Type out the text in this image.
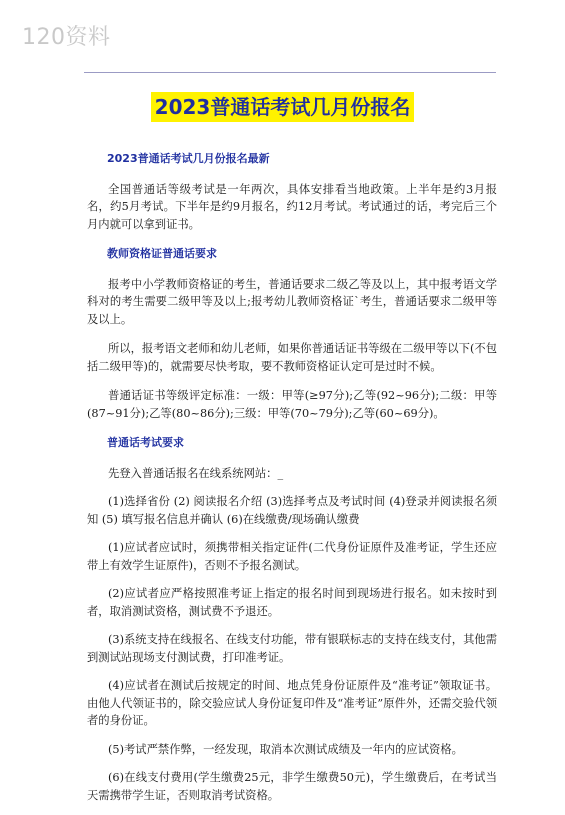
120资料
2023普通话考试几月份报名
2023普通话考试几月份报名最新

全国普通话等级考试是一年两次，具体安排看当地政策。上半年是约3月报名，约5月考试。下半年是约9月报名，约12月考试。考试通过的话，考完后三个月内就可以拿到证书。

教师资格证普通话要求

报考中小学教师资格证的考生，普通话要求二级乙等及以上，其中报考语文学科对的考生需要二级甲等及以上;报考幼儿教师资格证`考生，普通话要求二级甲等及以上。

所以，报考语文老师和幼儿老师，如果你普通话证书等级在二级甲等以下(不包括二级甲等)的，就需要尽快考取，要不教师资格证认定可是过时不候。

普通话证书等级评定标准：一级：甲等(≥97分);乙等(92~96分);二级：甲等(87~91分);乙等(80~86分);三级：甲等(70~79分);乙等(60~69分)。

普通话考试要求

先登入普通话报名在线系统网站：_

(1)选择省份 (2) 阅读报名介绍 (3)选择考点及考试时间 (4)登录并阅读报名须知 (5) 填写报名信息并确认 (6)在线缴费/现场确认缴费

(1)应试者应试时，须携带相关指定证件(二代身份证原件及准考证，学生还应带上有效学生证原件)，否则不予报名测试。

(2)应试者应严格按照准考证上指定的报名时间到现场进行报名。如未按时到者，取消测试资格，测试费不予退还。

(3)系统支持在线报名、在线支付功能，带有银联标志的支持在线支付，其他需到测试站现场支付测试费，打印准考证。

(4)应试者在测试后按规定的时间、地点凭身份证原件及“准考证”领取证书。由他人代领证书的，除交验应试人身份证复印件及“准考证”原件外，还需交验代领者的身份证。

(5)考试严禁作弊，一经发现，取消本次测试成绩及一年内的应试资格。

(6)在线支付费用(学生缴费25元，非学生缴费50元)，学生缴费后，在考试当天需携带学生证，否则取消考试资格。
